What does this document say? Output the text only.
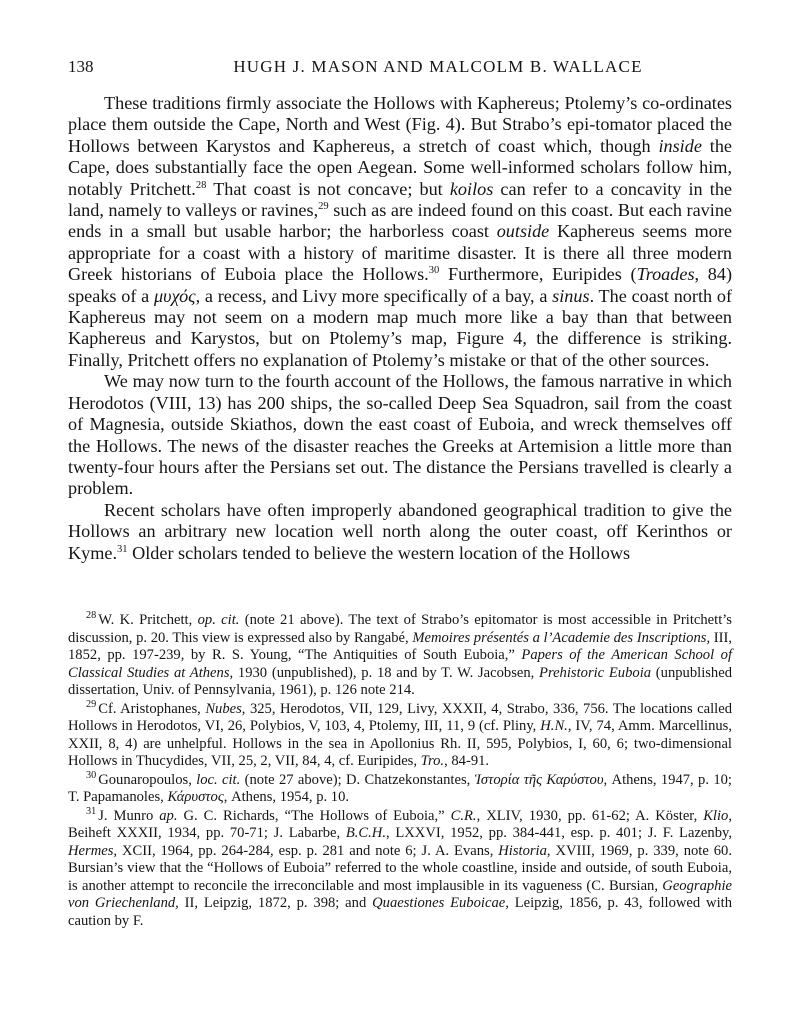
138	HUGH J. MASON AND MALCOLM B. WALLACE

These traditions firmly associate the Hollows with Kaphereus; Ptolemy’s co-ordinates place them outside the Cape, North and West (Fig. 4). But Strabo’s epi-tomator placed the Hollows between Karystos and Kaphereus, a stretch of coast which, though inside the Cape, does substantially face the open Aegean. Some well-informed scholars follow him, notably Pritchett.$^{28}$ That coast is not concave; but koilos can refer to a concavity in the land, namely to valleys or ravines,$^{29}$ such as are indeed found on this coast. But each ravine ends in a small but usable harbor; the harborless coast outside Kaphereus seems more appropriate for a coast with a history of maritime disaster. It is there all three modern Greek historians of Euboia place the Hollows.$^{30}$ Furthermore, Euripides (Troades, 84) speaks of a μυχός, a recess, and Livy more specifically of a bay, a sinus. The coast north of Kaphereus may not seem on a modern map much more like a bay than that between Kaphereus and Karystos, but on Ptolemy’s map, Figure 4, the difference is striking. Finally, Pritchett offers no explanation of Ptolemy’s mistake or that of the other sources.

We may now turn to the fourth account of the Hollows, the famous narrative in which Herodotos (VIII, 13) has 200 ships, the so-called Deep Sea Squadron, sail from the coast of Magnesia, outside Skiathos, down the east coast of Euboia, and wreck themselves off the Hollows. The news of the disaster reaches the Greeks at Artemision a little more than twenty-four hours after the Persians set out. The distance the Persians travelled is clearly a problem.

Recent scholars have often improperly abandoned geographical tradition to give the Hollows an arbitrary new location well north along the outer coast, off Kerinthos or Kyme.$^{31}$ Older scholars tended to believe the western location of the Hollows

$^{28}$ W. K. Pritchett, op. cit. (note 21 above). The text of Strabo’s epitomator is most accessible in Pritchett’s discussion, p. 20. This view is expressed also by Rangabé, Memoires présentés a l’Academie des Inscriptions, III, 1852, pp. 197-239, by R. S. Young, “The Antiquities of South Euboia,” Papers of the American School of Classical Studies at Athens, 1930 (unpublished), p. 18 and by T. W. Jacobsen, Prehistoric Euboia (unpublished dissertation, Univ. of Pennsylvania, 1961), p. 126 note 214.

$^{29}$ Cf. Aristophanes, Nubes, 325, Herodotos, VII, 129, Livy, XXXII, 4, Strabo, 336, 756. The locations called Hollows in Herodotos, VI, 26, Polybios, V, 103, 4, Ptolemy, III, 11, 9 (cf. Pliny, H.N., IV, 74, Amm. Marcellinus, XXII, 8, 4) are unhelpful. Hollows in the sea in Apollonius Rh. II, 595, Polybios, I, 60, 6; two-dimensional Hollows in Thucydides, VII, 25, 2, VII, 84, 4, cf. Euripides, Tro., 84-91.

$^{30}$ Gounaropoulos, loc. cit. (note 27 above); D. Chatzekonstantes, Ἱστορία τῆς Καρύστου, Athens, 1947, p. 10; T. Papamanoles, Κάρυστος, Athens, 1954, p. 10.

$^{31}$ J. Munro ap. G. C. Richards, “The Hollows of Euboia,” C.R., XLIV, 1930, pp. 61-62; A. Köster, Klio, Beiheft XXXII, 1934, pp. 70-71; J. Labarbe, B.C.H., LXXVI, 1952, pp. 384-441, esp. p. 401; J. F. Lazenby, Hermes, XCII, 1964, pp. 264-284, esp. p. 281 and note 6; J. A. Evans, Historia, XVIII, 1969, p. 339, note 60. Bursian’s view that the “Hollows of Euboia” referred to the whole coastline, inside and outside, of south Euboia, is another attempt to reconcile the irreconcilable and most implausible in its vagueness (C. Bursian, Geographie von Griechenland, II, Leipzig, 1872, p. 398; and Quaestiones Euboicae, Leipzig, 1856, p. 43, followed with caution by F.
